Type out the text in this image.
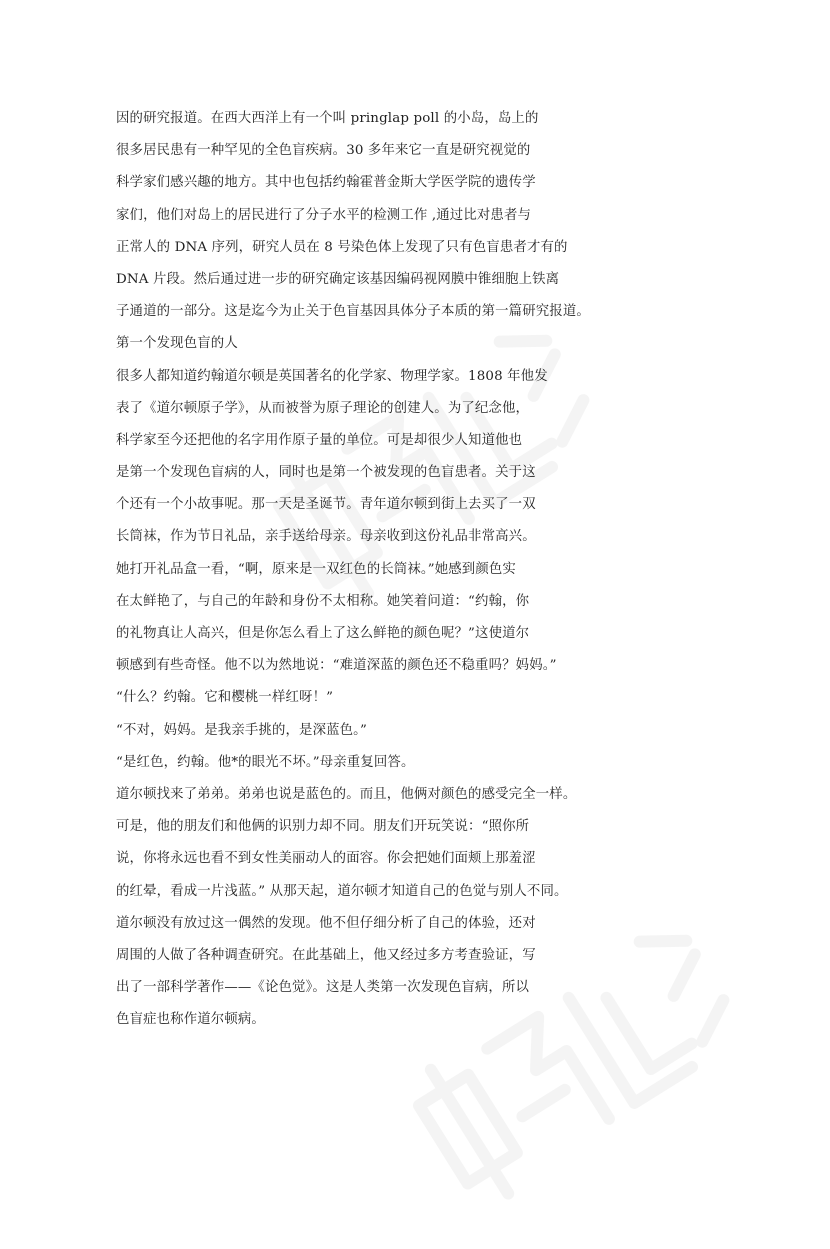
因的研究报道。在西大西洋上有一个叫 pringlap poll 的小岛，岛上的
很多居民患有一种罕见的全色盲疾病。30 多年来它一直是研究视觉的
科学家们感兴趣的地方。其中也包括约翰霍普金斯大学医学院的遗传学
家们，他们对岛上的居民进行了分子水平的检测工作 ,通过比对患者与
正常人的 DNA 序列，研究人员在 8 号染色体上发现了只有色盲患者才有的
DNA 片段。然后通过进一步的研究确定该基因编码视网膜中锥细胞上铁离
子通道的一部分。这是迄今为止关于色盲基因具体分子本质的第一篇研究报道。
第一个发现色盲的人
很多人都知道约翰道尔顿是英国著名的化学家、物理学家。1808 年他发
表了《道尔顿原子学》，从而被誉为原子理论的创建人。为了纪念他，
科学家至今还把他的名字用作原子量的单位。可是却很少人知道他也
是第一个发现色盲病的人，同时也是第一个被发现的色盲患者。关于这
个还有一个小故事呢。那一天是圣诞节。青年道尔顿到街上去买了一双
长筒袜，作为节日礼品，亲手送给母亲。母亲收到这份礼品非常高兴。
她打开礼品盒一看，“啊，原来是一双红色的长筒袜。”她感到颜色实
在太鲜艳了，与自己的年龄和身份不太相称。她笑着问道：“约翰，你
的礼物真让人高兴，但是你怎么看上了这么鲜艳的颜色呢？”这使道尔
顿感到有些奇怪。他不以为然地说：“难道深蓝的颜色还不稳重吗？妈妈。”
“什么？约翰。它和樱桃一样红呀！”
“不对，妈妈。是我亲手挑的，是深蓝色。”
“是红色，约翰。他*的眼光不坏。”母亲重复回答。
道尔顿找来了弟弟。弟弟也说是蓝色的。而且，他俩对颜色的感受完全一样。
可是，他的朋友们和他俩的识别力却不同。朋友们开玩笑说：“照你所
说，你将永远也看不到女性美丽动人的面容。你会把她们面颊上那羞涩
的红晕，看成一片浅蓝。” 从那天起，道尔顿才知道自己的色觉与别人不同。
道尔顿没有放过这一偶然的发现。他不但仔细分析了自己的体验，还对
周围的人做了各种调查研究。在此基础上，他又经过多方考查验证，写
出了一部科学著作——《论色觉》。这是人类第一次发现色盲病，所以
色盲症也称作道尔顿病。
